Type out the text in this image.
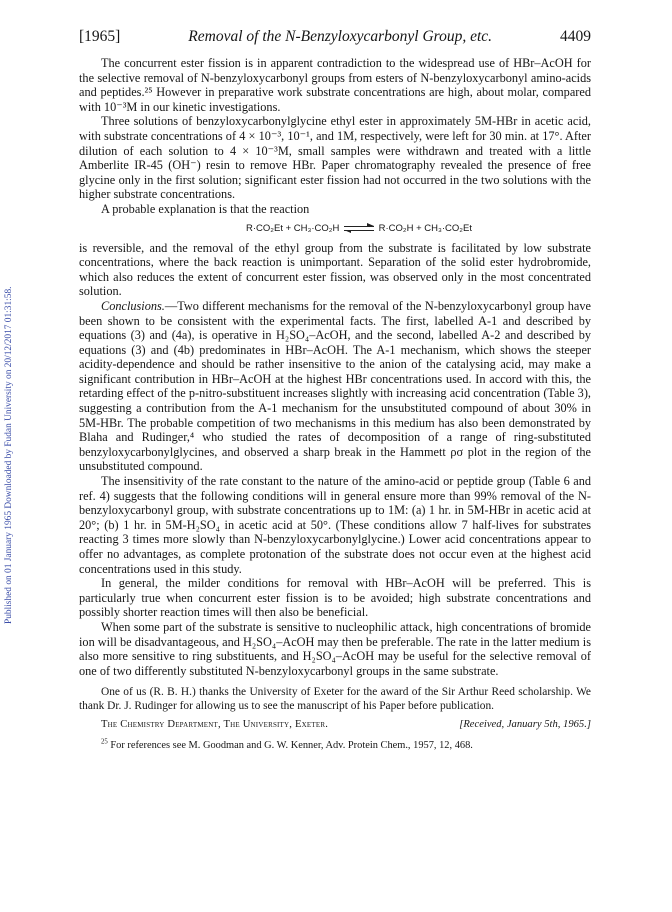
Published on 01 January 1965 Downloaded by Fudan University on 20/12/2017 01:31:58.
[1965]	Removal of the N-Benzyloxycarbonyl Group, etc.	4409

The concurrent ester fission is in apparent contradiction to the widespread use of HBr–AcOH for the selective removal of N-benzyloxycarbonyl groups from esters of N-benzyloxycarbonyl amino-acids and peptides.²⁵ However in preparative work substrate concentrations are high, about molar, compared with 10⁻³M in our kinetic investigations.

Three solutions of benzyloxycarbonylglycine ethyl ester in approximately 5M-HBr in acetic acid, with substrate concentrations of 4 × 10⁻³, 10⁻¹, and 1M, respectively, were left for 30 min. at 17°. After dilution of each solution to 4 × 10⁻³M, small samples were withdrawn and treated with a little Amberlite IR-45 (OH⁻) resin to remove HBr. Paper chromatography revealed the presence of free glycine only in the first solution; significant ester fission had not occurred in the two solutions with the higher substrate concentrations.

A probable explanation is that the reaction

R·CO₂Et + CH₃·CO₂H ⇌ R·CO₂H + CH₃·CO₂Et

is reversible, and the removal of the ethyl group from the substrate is facilitated by low substrate concentrations, where the back reaction is unimportant. Separation of the solid ester hydrobromide, which also reduces the extent of concurrent ester fission, was observed only in the most concentrated solution.

Conclusions.—Two different mechanisms for the removal of the N-benzyloxycarbonyl group have been shown to be consistent with the experimental facts. The first, labelled A-1 and described by equations (3) and (4a), is operative in H₂SO₄–AcOH, and the second, labelled A-2 and described by equations (3) and (4b) predominates in HBr–AcOH. The A-1 mechanism, which shows the steeper acidity-dependence and should be rather insensitive to the anion of the catalysing acid, may make a significant contribution in HBr–AcOH at the highest HBr concentrations used. In accord with this, the retarding effect of the p-nitro-substituent increases slightly with increasing acid concentration (Table 3), suggesting a contribution from the A-1 mechanism for the unsubstituted compound of about 30% in 5M-HBr. The probable competition of two mechanisms in this medium has also been demonstrated by Blaha and Rudinger,⁴ who studied the rates of decomposition of a range of ring-substituted benzyloxycarbonylglycines, and observed a sharp break in the Hammett ρσ plot in the region of the unsubstituted compound.

The insensitivity of the rate constant to the nature of the amino-acid or peptide group (Table 6 and ref. 4) suggests that the following conditions will in general ensure more than 99% removal of the N-benzyloxycarbonyl group, with substrate concentrations up to 1M: (a) 1 hr. in 5M-HBr in acetic acid at 20°; (b) 1 hr. in 5M-H₂SO₄ in acetic acid at 50°. (These conditions allow 7 half-lives for substrates reacting 3 times more slowly than N-benzyloxycarbonylglycine.) Lower acid concentrations appear to offer no advantages, as complete protonation of the substrate does not occur even at the highest acid concentrations used in this study.

In general, the milder conditions for removal with HBr–AcOH will be preferred. This is particularly true when concurrent ester fission is to be avoided; high substrate concentrations and possibly shorter reaction times will then also be beneficial.

When some part of the substrate is sensitive to nucleophilic attack, high concentrations of bromide ion will be disadvantageous, and H₂SO₄–AcOH may then be preferable. The rate in the latter medium is also more sensitive to ring substituents, and H₂SO₄–AcOH may be useful for the selective removal of one of two differently substituted N-benzyloxycarbonyl groups in the same substrate.

One of us (R. B. H.) thanks the University of Exeter for the award of the Sir Arthur Reed scholarship. We thank Dr. J. Rudinger for allowing us to see the manuscript of his Paper before publication.

The Chemistry Department, The University, Exeter.	[Received, January 5th, 1965.]
$^{25}$ For references see M. Goodman and G. W. Kenner, Adv. Protein Chem., 1957, 12, 468.
